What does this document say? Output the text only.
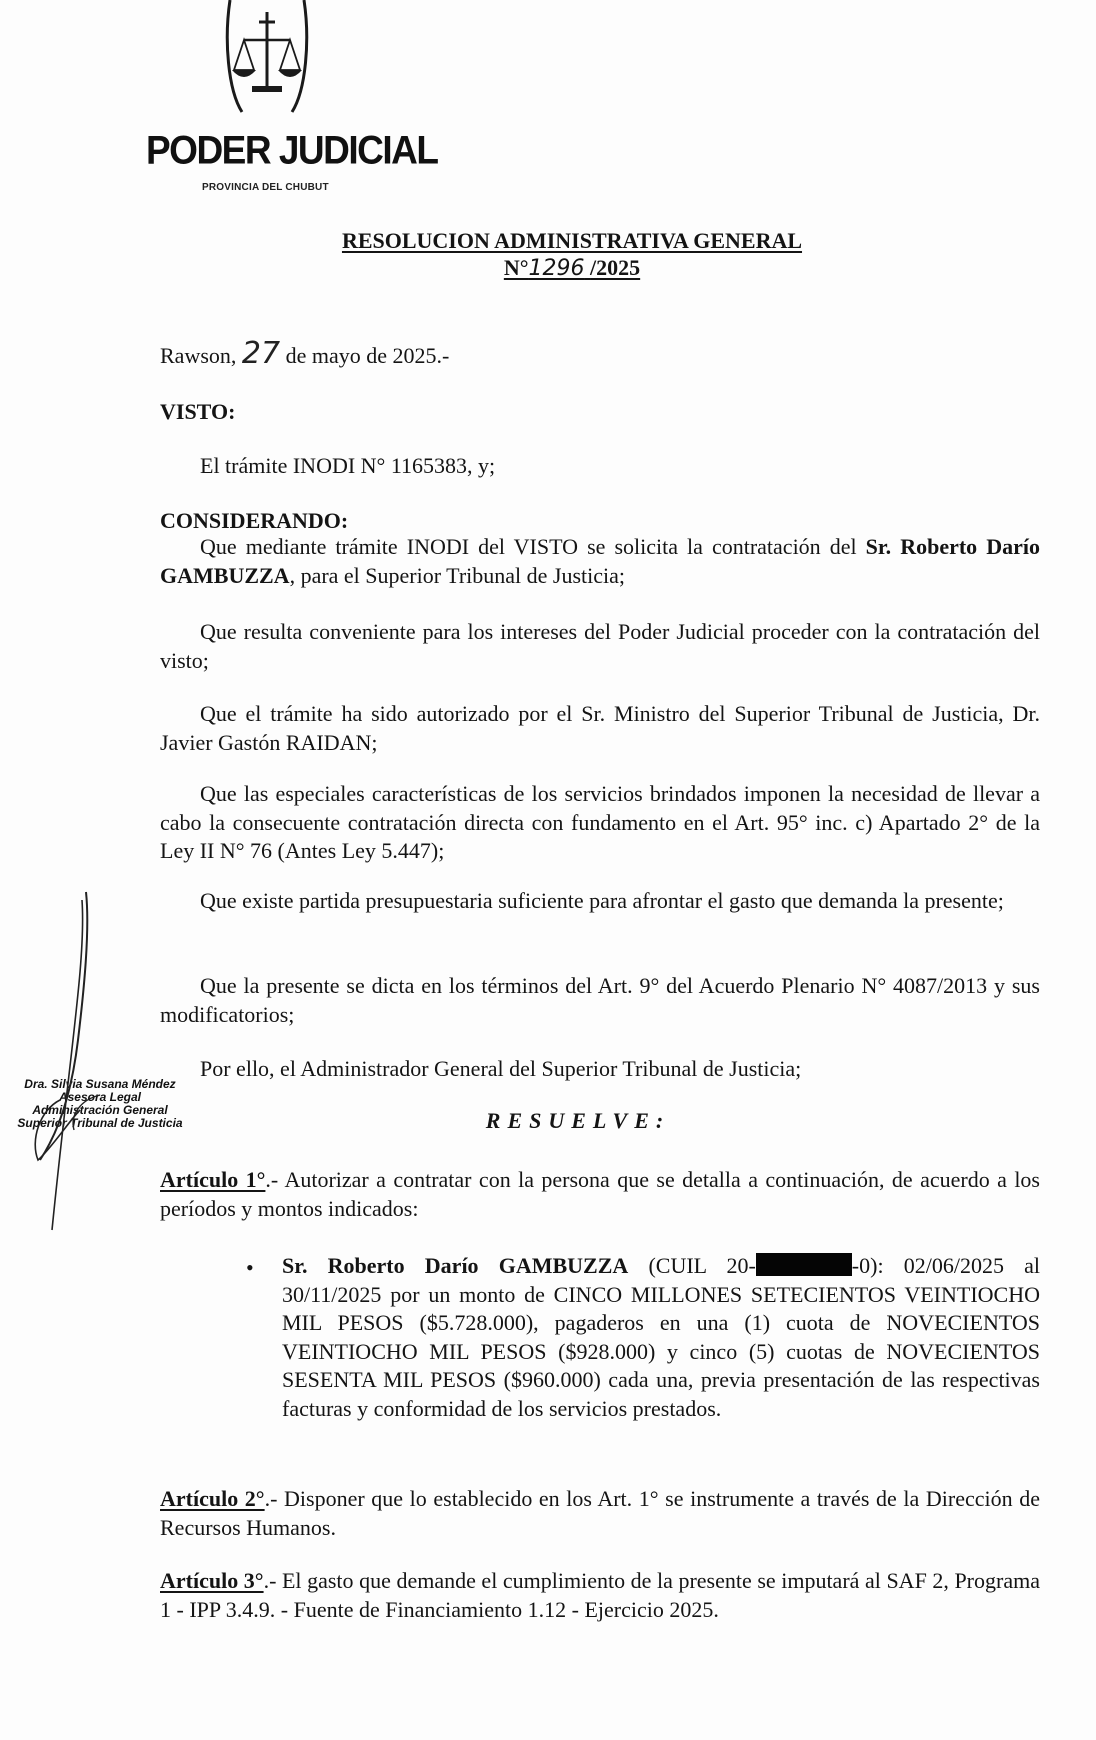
PODER JUDICIAL
PROVINCIA DEL CHUBUT
RESOLUCION ADMINISTRATIVA GENERAL
N°1296 /2025
Rawson, 27 de mayo de 2025.-
VISTO:
El trámite INODI N° 1165383, y;
CONSIDERANDO:

Que mediante trámite INODI del VISTO se solicita la contratación del Sr. Roberto Darío GAMBUZZA, para el Superior Tribunal de Justicia;

Que resulta conveniente para los intereses del Poder Judicial proceder con la contratación del visto;

Que el trámite ha sido autorizado por el Sr. Ministro del Superior Tribunal de Justicia, Dr. Javier Gastón RAIDAN;

Que las especiales características de los servicios brindados imponen la necesidad de llevar a cabo la consecuente contratación directa con fundamento en el Art. 95° inc. c) Apartado 2° de la Ley II N° 76 (Antes Ley 5.447);

Que existe partida presupuestaria suficiente para afrontar el gasto que demanda la presente;

Que la presente se dicta en los términos del Art. 9° del Acuerdo Plenario N° 4087/2013 y sus modificatorios;

Por ello, el Administrador General del Superior Tribunal de Justicia;
RESUELVE:

Artículo 1°.- Autorizar a contratar con la persona que se detalla a continuación, de acuerdo a los períodos y montos indicados:

• Sr. Roberto Darío GAMBUZZA (CUIL 20-	-0): 02/06/2025 al 30/11/2025 por un monto de CINCO MILLONES SETECIENTOS VEINTIOCHO MIL PESOS ($5.728.000), pagaderos en una (1) cuota de NOVECIENTOS VEINTIOCHO MIL PESOS ($928.000) y cinco (5) cuotas de NOVECIENTOS SESENTA MIL PESOS ($960.000) cada una, previa presentación de las respectivas facturas y conformidad de los servicios prestados.

Artículo 2°.- Disponer que lo establecido en los Art. 1° se instrumente a través de la Dirección de Recursos Humanos.

Artículo 3°.- El gasto que demande el cumplimiento de la presente se imputará al SAF 2, Programa 1 - IPP 3.4.9. - Fuente de Financiamiento 1.12 - Ejercicio 2025.

Dra. Silvia Susana Méndez
Asesora Legal
Administración General
Superior Tribunal de Justicia
